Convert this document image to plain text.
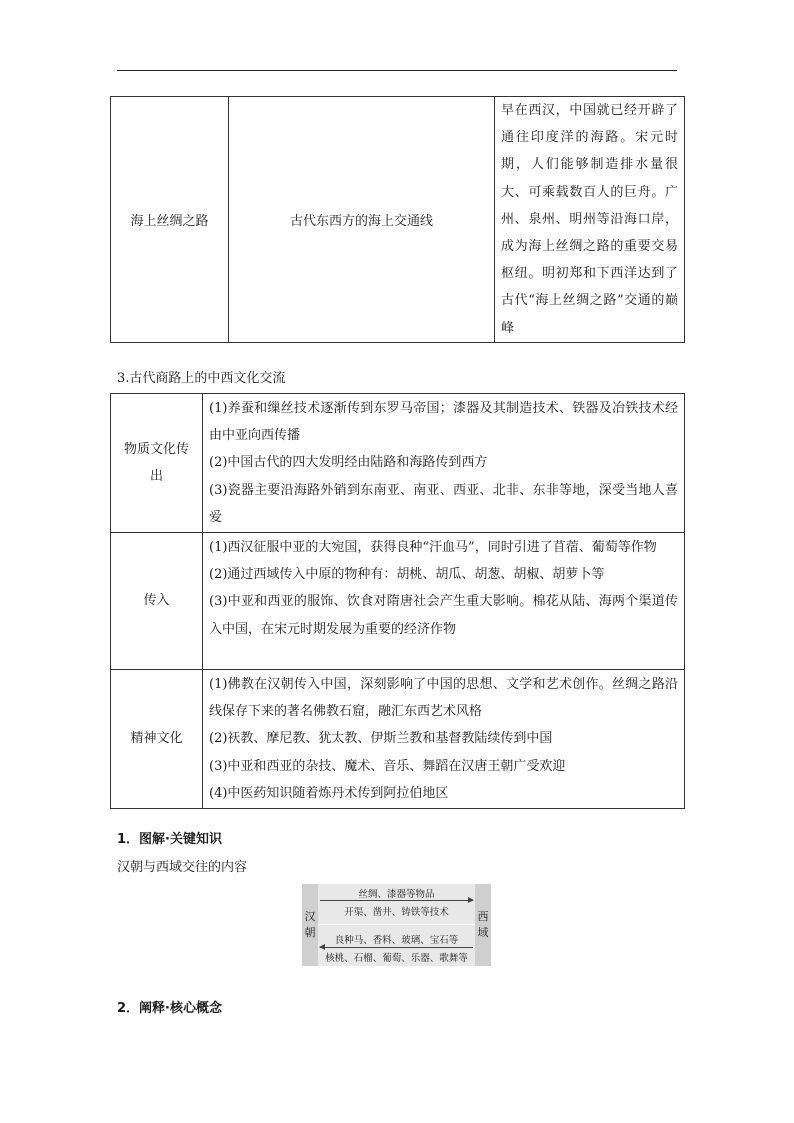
海上丝绸之路	古代东西方的海上交通线	早在西汉，中国就已经开辟了通往印度洋的海路。宋元时期，人们能够制造排水量很大、可乘载数百人的巨舟。广州、泉州、明州等沿海口岸，成为海上丝绸之路的重要交易枢纽。明初郑和下西洋达到了古代“海上丝绸之路”交通的巅峰
3.古代商路上的中西文化交流
物质文化传出	(1)养蚕和缫丝技术逐渐传到东罗马帝国；漆器及其制造技术、铁器及冶铁技术经由中亚向西传播
(2)中国古代的四大发明经由陆路和海路传到西方
(3)瓷器主要沿海路外销到东南亚、南亚、西亚、北非、东非等地，深受当地人喜爱

传入	(1)西汉征服中亚的大宛国，获得良种“汗血马”，同时引进了苜蓿、葡萄等作物
(2)通过西域传入中原的物种有：胡桃、胡瓜、胡葱、胡椒、胡萝卜等
(3)中亚和西亚的服饰、饮食对隋唐社会产生重大影响。棉花从陆、海两个渠道传入中国，在宋元时期发展为重要的经济作物

精神文化	(1)佛教在汉朝传入中国，深刻影响了中国的思想、文学和艺术创作。丝绸之路沿线保存下来的著名佛教石窟，融汇东西艺术风格
(2)祆教、摩尼教、犹太教、伊斯兰教和基督教陆续传到中国
(3)中亚和西亚的杂技、魔术、音乐、舞蹈在汉唐王朝广受欢迎
(4)中医药知识随着炼丹术传到阿拉伯地区
1．图解·关键知识
汉朝与西域交往的内容
汉
朝
西
域
丝绸、漆器等物品
开渠、凿井、铸铁等技术
良种马、香料、玻璃、宝石等
核桃、石榴、葡萄、乐器、歌舞等
2．阐释·核心概念
